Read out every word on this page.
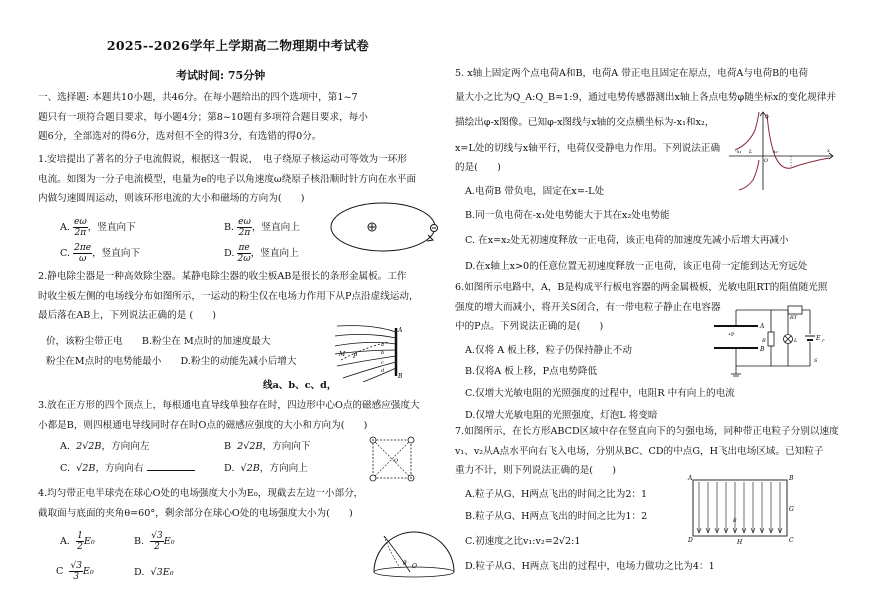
2025--2026学年上学期高二物理期中考试卷
考试时间: 75分钟
一、选择题: 本题共10小题，共46分。在每小题给出的四个选项中，第1~7
题只有一项符合题目要求，每小题4分；第8~10题有多项符合题目要求，每小
题6分，全部选对的得6分，选对但不全的得3分，有选错的得0分。
1.安培提出了著名的分子电流假说，根据这一假说，　电子绕原子核运动可等效为一环形
电流。如图为一分子电流模型，电量为e的电子以角速度ω绕原子核沿顺时针方向在水平面
内做匀速圆周运动，则该环形电流的大小和磁场的方向为(　　)
A. $\frac{e\omega}{2\pi}$ ，竖直向下	B. $\frac{e\omega}{2\pi}$ ，竖直向上
C. $\frac{2\pi e}{\omega}$ ，竖直向下	D. $\frac{\pi e}{2\omega}$ ，竖直向上
2.静电除尘器是一种高效除尘器。某静电除尘器的收尘板AB是很长的条形金属板。工作
时收尘板左侧的电场线分布如图所示，一运动的粉尘仅在电场力作用下从P点沿虚线运动，
最后落在AB上，下列说法正确的是 (　　)
价，该粉尘带正电　　B.粉尘在 M点时的加速度最大
粉尘在M点时的电势能最小　　D.粉尘的动能先减小后增大
线a、b、c、d，
3.放在正方形的四个顶点上，每根通电直导线单独存在时，四边形中心O点的磁感应强度大
小都是B，则四根通电导线同时存在时O点的磁感应强度的大小和方向为(　　)
A. 2√2B，方向向左	B 2√2B，方向向下
C. √2B，方向向右	D. √2B，方向向上
4.均匀带正电半球壳在球心O处的电场强度大小为E₀，现截去左边一小部分，
截取面与底面的夹角θ=60°，剩余部分在球心O处的电场强度大小为(　　)
A. $\frac{1}{2} E_0$	B. $\frac{√3}{2} E_0$
C $\frac{√3}{3} E_0$	D. √3E₀
A
B
M P
a
b
c
d
O
O
θ
5. x轴上固定两个点电荷A和B，电荷A 带正电且固定在原点，电荷A与电荷B的电荷
量大小之比为Q_A:Q_B=1:9，通过电势传感器测出x轴上各点电势φ随坐标x的变化规律并
描绘出φ-x图像。已知φ-x图线与x轴的交点横坐标为-x₁和x₂，
x=L处的切线与x轴平行，电荷仅受静电力作用。下列说法正确
的是(　　)
A.电荷B 带负电，固定在x=-L处
B.同一负电荷在-x₁处电势能大于其在x₂处电势能
C. 在x=x₂处无初速度释放一正电荷，该正电荷的加速度先减小后增大再减小
D.在x轴上x>0的任意位置无初速度释放一正电荷，该正电荷一定能到达无穷远处
-x₁ L	x₂	x
φ
O
6.如图所示电路中，A，B是构成平行板电容器的两金属极板，光敏电阻RT的阻值随光照
强度的增大而减小，将开关S闭合，有一带电粒子静止在电容器
中的P点。下列说法正确的是(　　)
A.仅将 A 板上移，粒子仍保持静止不动
B.仅将A 板上移，P点电势降低
C.仅增大光敏电阻的光照强度的过程中，电阻R 中有向上的电流
D.仅增大光敏电阻的光照强度，灯泡L 将变暗
A
B
•P
RT
E r
R	L
S
7.如图所示，在长方形ABCD区域中存在竖直向下的匀强电场，同种带正电粒子分别以速度
v₁、v₂从A点水平向右飞入电场，分别从BC、CD的中点G，H飞出电场区域。已知粒子
重力不计，则下列说法正确的是(　　)
A.粒子从G、H两点飞出的时间之比为2：1
B.粒子从G、H两点飞出的时间之比为1：2
C.初速度之比v₁:v₂=2√2:1
D.粒子从G、H两点飞出的过程中，电场力做功之比为4：1
A	B
C
D
G
H
E
